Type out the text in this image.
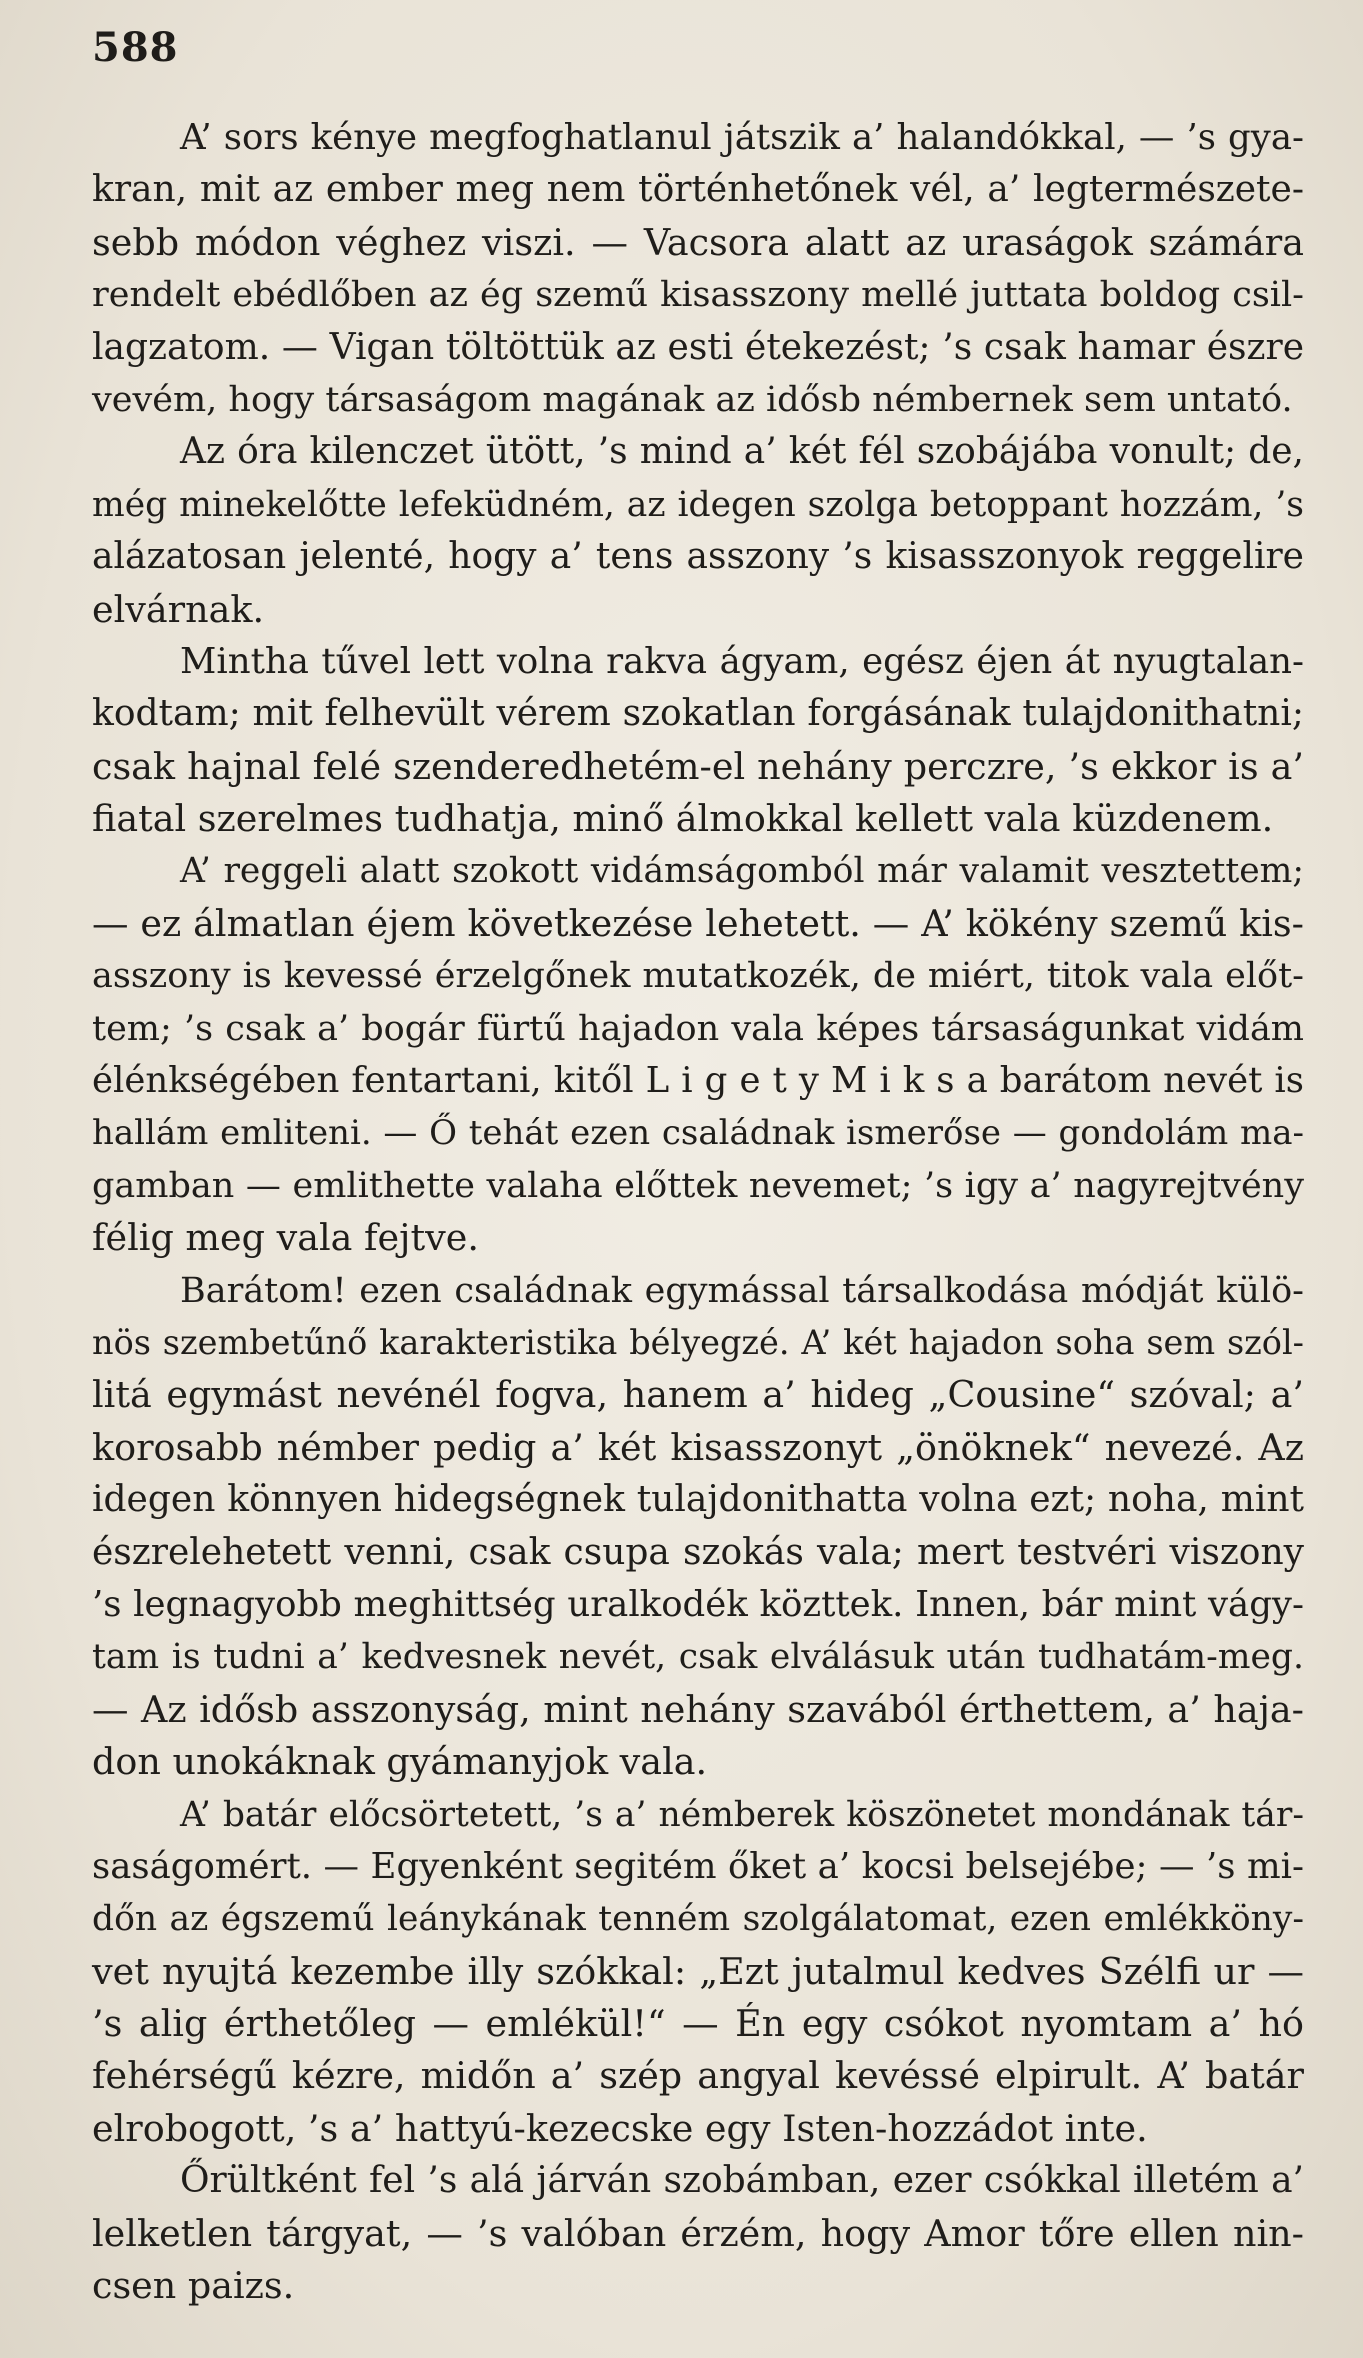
588
A’ sors kénye megfoghatlanul játszik a’ halandókkal, — ’s gya-
kran, mit az ember meg nem történhetőnek vél, a’ legtermészete-
sebb módon véghez viszi. — Vacsora alatt az uraságok számára
rendelt ebédlőben az ég szemű kisasszony mellé juttata boldog csil-
lagzatom. — Vigan töltöttük az esti étekezést; ’s csak hamar észre
vevém, hogy társaságom magának az idősb némbernek sem untató.
Az óra kilenczet ütött, ’s mind a’ két fél szobájába vonult; de,
még minekelőtte lefeküdném, az idegen szolga betoppant hozzám, ’s
alázatosan jelenté, hogy a’ tens asszony ’s kisasszonyok reggelire
elvárnak.
Mintha tűvel lett volna rakva ágyam, egész éjen át nyugtalan-
kodtam; mit felhevült vérem szokatlan forgásának tulajdonithatni;
csak hajnal felé szenderedhetém-el nehány perczre, ’s ekkor is a’
fiatal szerelmes tudhatja, minő álmokkal kellett vala küzdenem.
A’ reggeli alatt szokott vidámságomból már valamit vesztettem;
— ez álmatlan éjem következése lehetett. — A’ kökény szemű kis-
asszony is kevessé érzelgőnek mutatkozék, de miért, titok vala előt-
tem; ’s csak a’ bogár fürtű hajadon vala képes társaságunkat vidám
élénkségében fentartani, kitől L i g e t y M i k s a barátom nevét is
hallám emliteni. — Ő tehát ezen családnak ismerőse — gondolám ma-
gamban — emlithette valaha előttek nevemet; ’s igy a’ nagyrejtvény
félig meg vala fejtve.
Barátom! ezen családnak egymással társalkodása módját külö-
nös szembetűnő karakteristika bélyegzé. A’ két hajadon soha sem szól-
litá egymást nevénél fogva, hanem a’ hideg „Cousine“ szóval; a’
korosabb némber pedig a’ két kisasszonyt „önöknek“ nevezé. Az
idegen könnyen hidegségnek tulajdonithatta volna ezt; noha, mint
észrelehetett venni, csak csupa szokás vala; mert testvéri viszony
’s legnagyobb meghittség uralkodék közttek. Innen, bár mint vágy-
tam is tudni a’ kedvesnek nevét, csak elválásuk után tudhatám-meg.
— Az idősb asszonyság, mint nehány szavából érthettem, a’ haja-
don unokáknak gyámanyjok vala.
A’ batár előcsörtetett, ’s a’ némberek köszönetet mondának tár-
saságomért. — Egyenként segitém őket a’ kocsi belsejébe; — ’s mi-
dőn az égszemű leánykának tenném szolgálatomat, ezen emlékköny-
vet nyujtá kezembe illy szókkal: „Ezt jutalmul kedves Szélfi ur —
’s alig érthetőleg — emlékül!“ — Én egy csókot nyomtam a’ hó
fehérségű kézre, midőn a’ szép angyal kevéssé elpirult. A’ batár
elrobogott, ’s a’ hattyú-kezecske egy Isten-hozzádot inte.
Őrültként fel ’s alá járván szobámban, ezer csókkal illetém a’
lelketlen tárgyat, — ’s valóban érzém, hogy Amor tőre ellen nin-
csen paizs.
